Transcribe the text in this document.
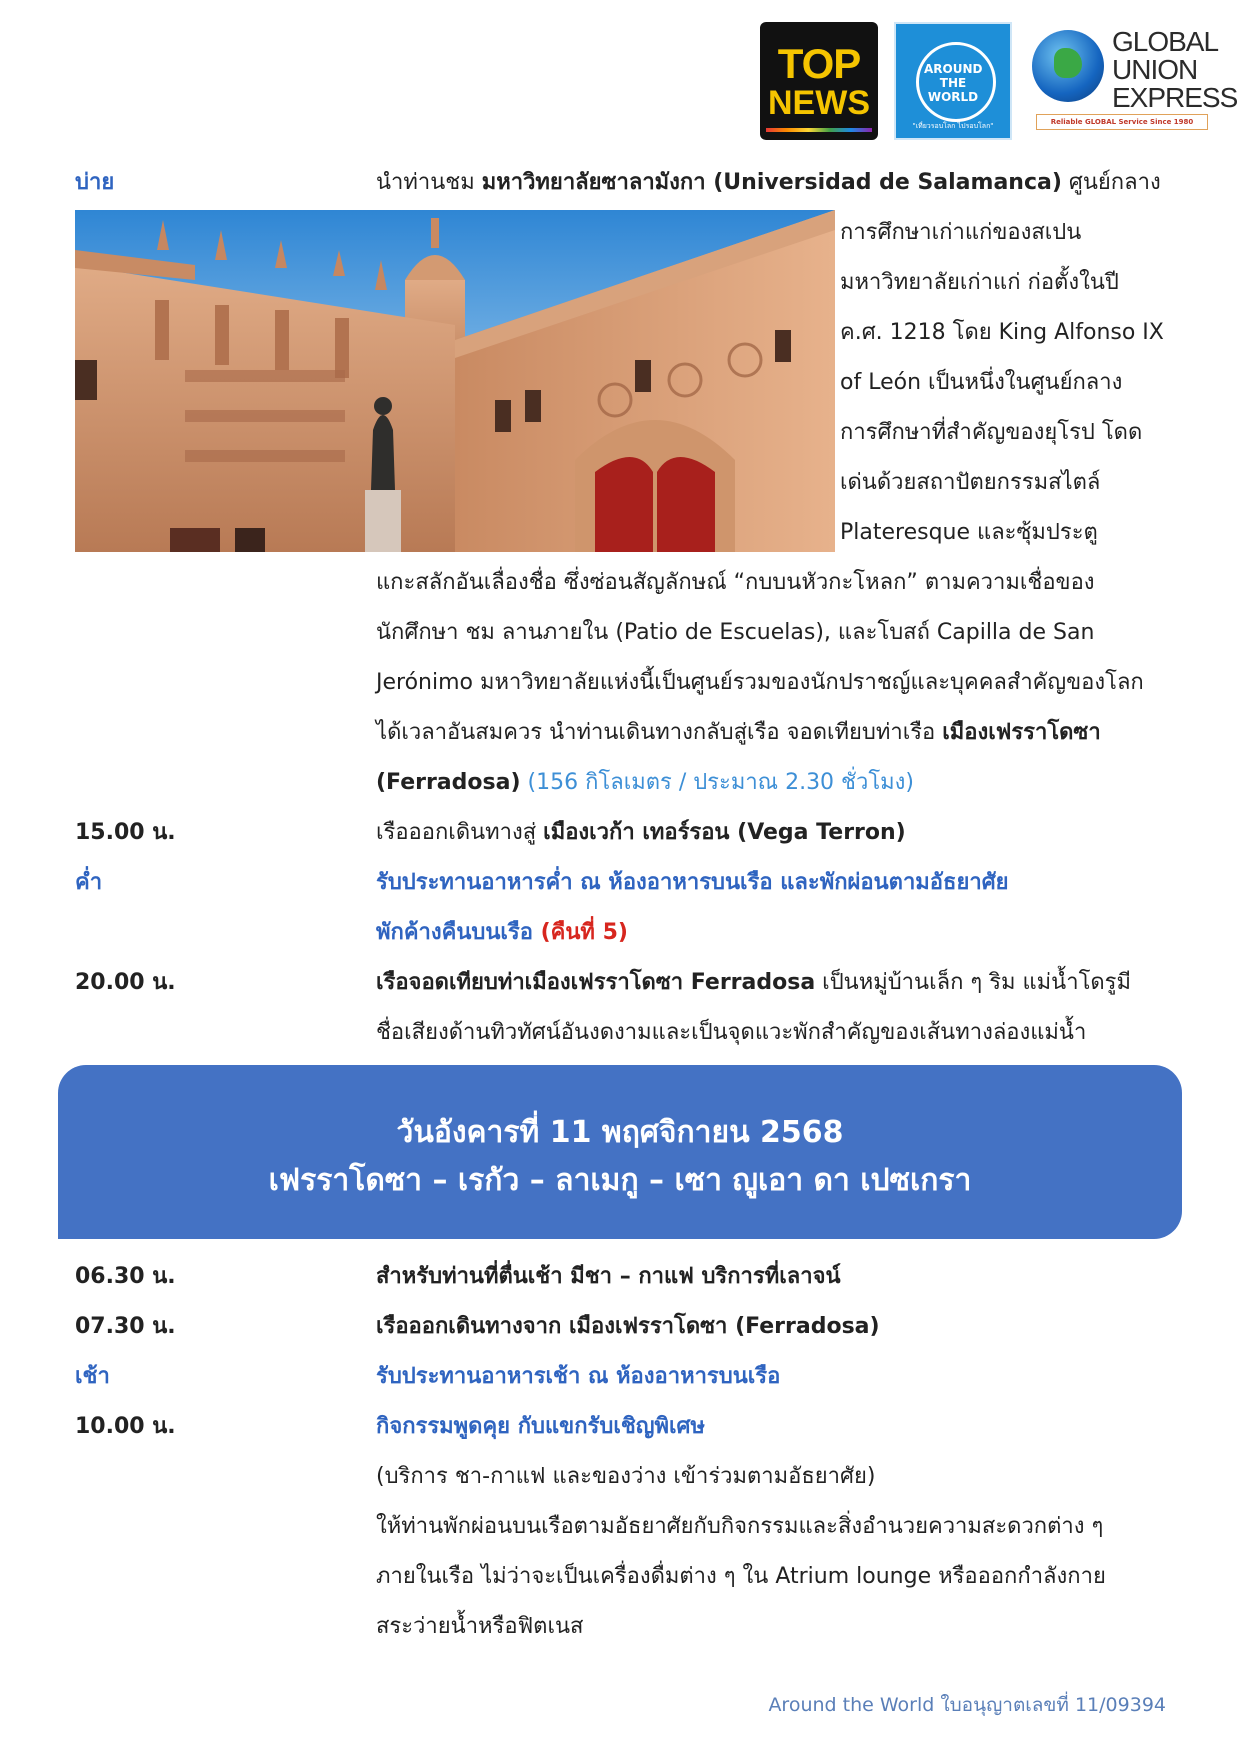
TOP
NEWS
AROUND THE WORLD
"เที่ยวรอบโลก ไปรอบโลก"
GLOBAL
UNION
EXPRESS
Reliable GLOBAL Service Since 1980
บ่าย	นำท่านชม มหาวิทยาลัยซาลามังกา (Universidad de Salamanca) ศูนย์กลาง
การศึกษาเก่าแก่ของสเปน
มหาวิทยาลัยเก่าแก่ ก่อตั้งในปี
ค.ศ. 1218 โดย King Alfonso IX
of León เป็นหนึ่งในศูนย์กลาง
การศึกษาที่สำคัญของยุโรป โดด
เด่นด้วยสถาปัตยกรรมสไตล์
Plateresque และซุ้มประตู
แกะสลักอันเลื่องชื่อ ซึ่งซ่อนสัญลักษณ์ “กบบนหัวกะโหลก” ตามความเชื่อของ
นักศึกษา ชม ลานภายใน (Patio de Escuelas), และโบสถ์ Capilla de San
Jerónimo มหาวิทยาลัยแห่งนี้เป็นศูนย์รวมของนักปราชญ์และบุคคลสำคัญของโลก
ได้เวลาอันสมควร นำท่านเดินทางกลับสู่เรือ จอดเทียบท่าเรือ เมืองเฟรราโดซา
(Ferradosa) (156 กิโลเมตร / ประมาณ 2.30 ชั่วโมง)
15.00 น.	เรือออกเดินทางสู่ เมืองเวก้า เทอร์รอน (Vega Terron)
ค่ำ	รับประทานอาหารค่ำ ณ ห้องอาหารบนเรือ และพักผ่อนตามอัธยาศัย
พักค้างคืนบนเรือ (คืนที่ 5)
20.00 น.	เรือจอดเทียบท่าเมืองเฟรราโดซา Ferradosa เป็นหมู่บ้านเล็ก ๆ ริม แม่น้ำโดรูมี
ชื่อเสียงด้านทิวทัศน์อันงดงามและเป็นจุดแวะพักสำคัญของเส้นทางล่องแม่น้ำ
วันอังคารที่ 11 พฤศจิกายน 2568
เฟรราโดซา – เรกัว – ลาเมกู – เซา ญูเอา ดา เปซเกรา
06.30 น.	สำหรับท่านที่ตื่นเช้า มีชา – กาแฟ บริการที่เลาจน์
07.30 น.	เรือออกเดินทางจาก เมืองเฟรราโดซา (Ferradosa)
เช้า	รับประทานอาหารเช้า ณ ห้องอาหารบนเรือ
10.00 น.	กิจกรรมพูดคุย กับแขกรับเชิญพิเศษ
(บริการ ชา-กาแฟ และของว่าง เข้าร่วมตามอัธยาศัย)
ให้ท่านพักผ่อนบนเรือตามอัธยาศัยกับกิจกรรมและสิ่งอำนวยความสะดวกต่าง ๆ
ภายในเรือ ไม่ว่าจะเป็นเครื่องดื่มต่าง ๆ ใน Atrium lounge หรือออกกำลังกาย
สระว่ายน้ำหรือฟิตเนส
Around the World ใบอนุญาตเลขที่ 11/09394
